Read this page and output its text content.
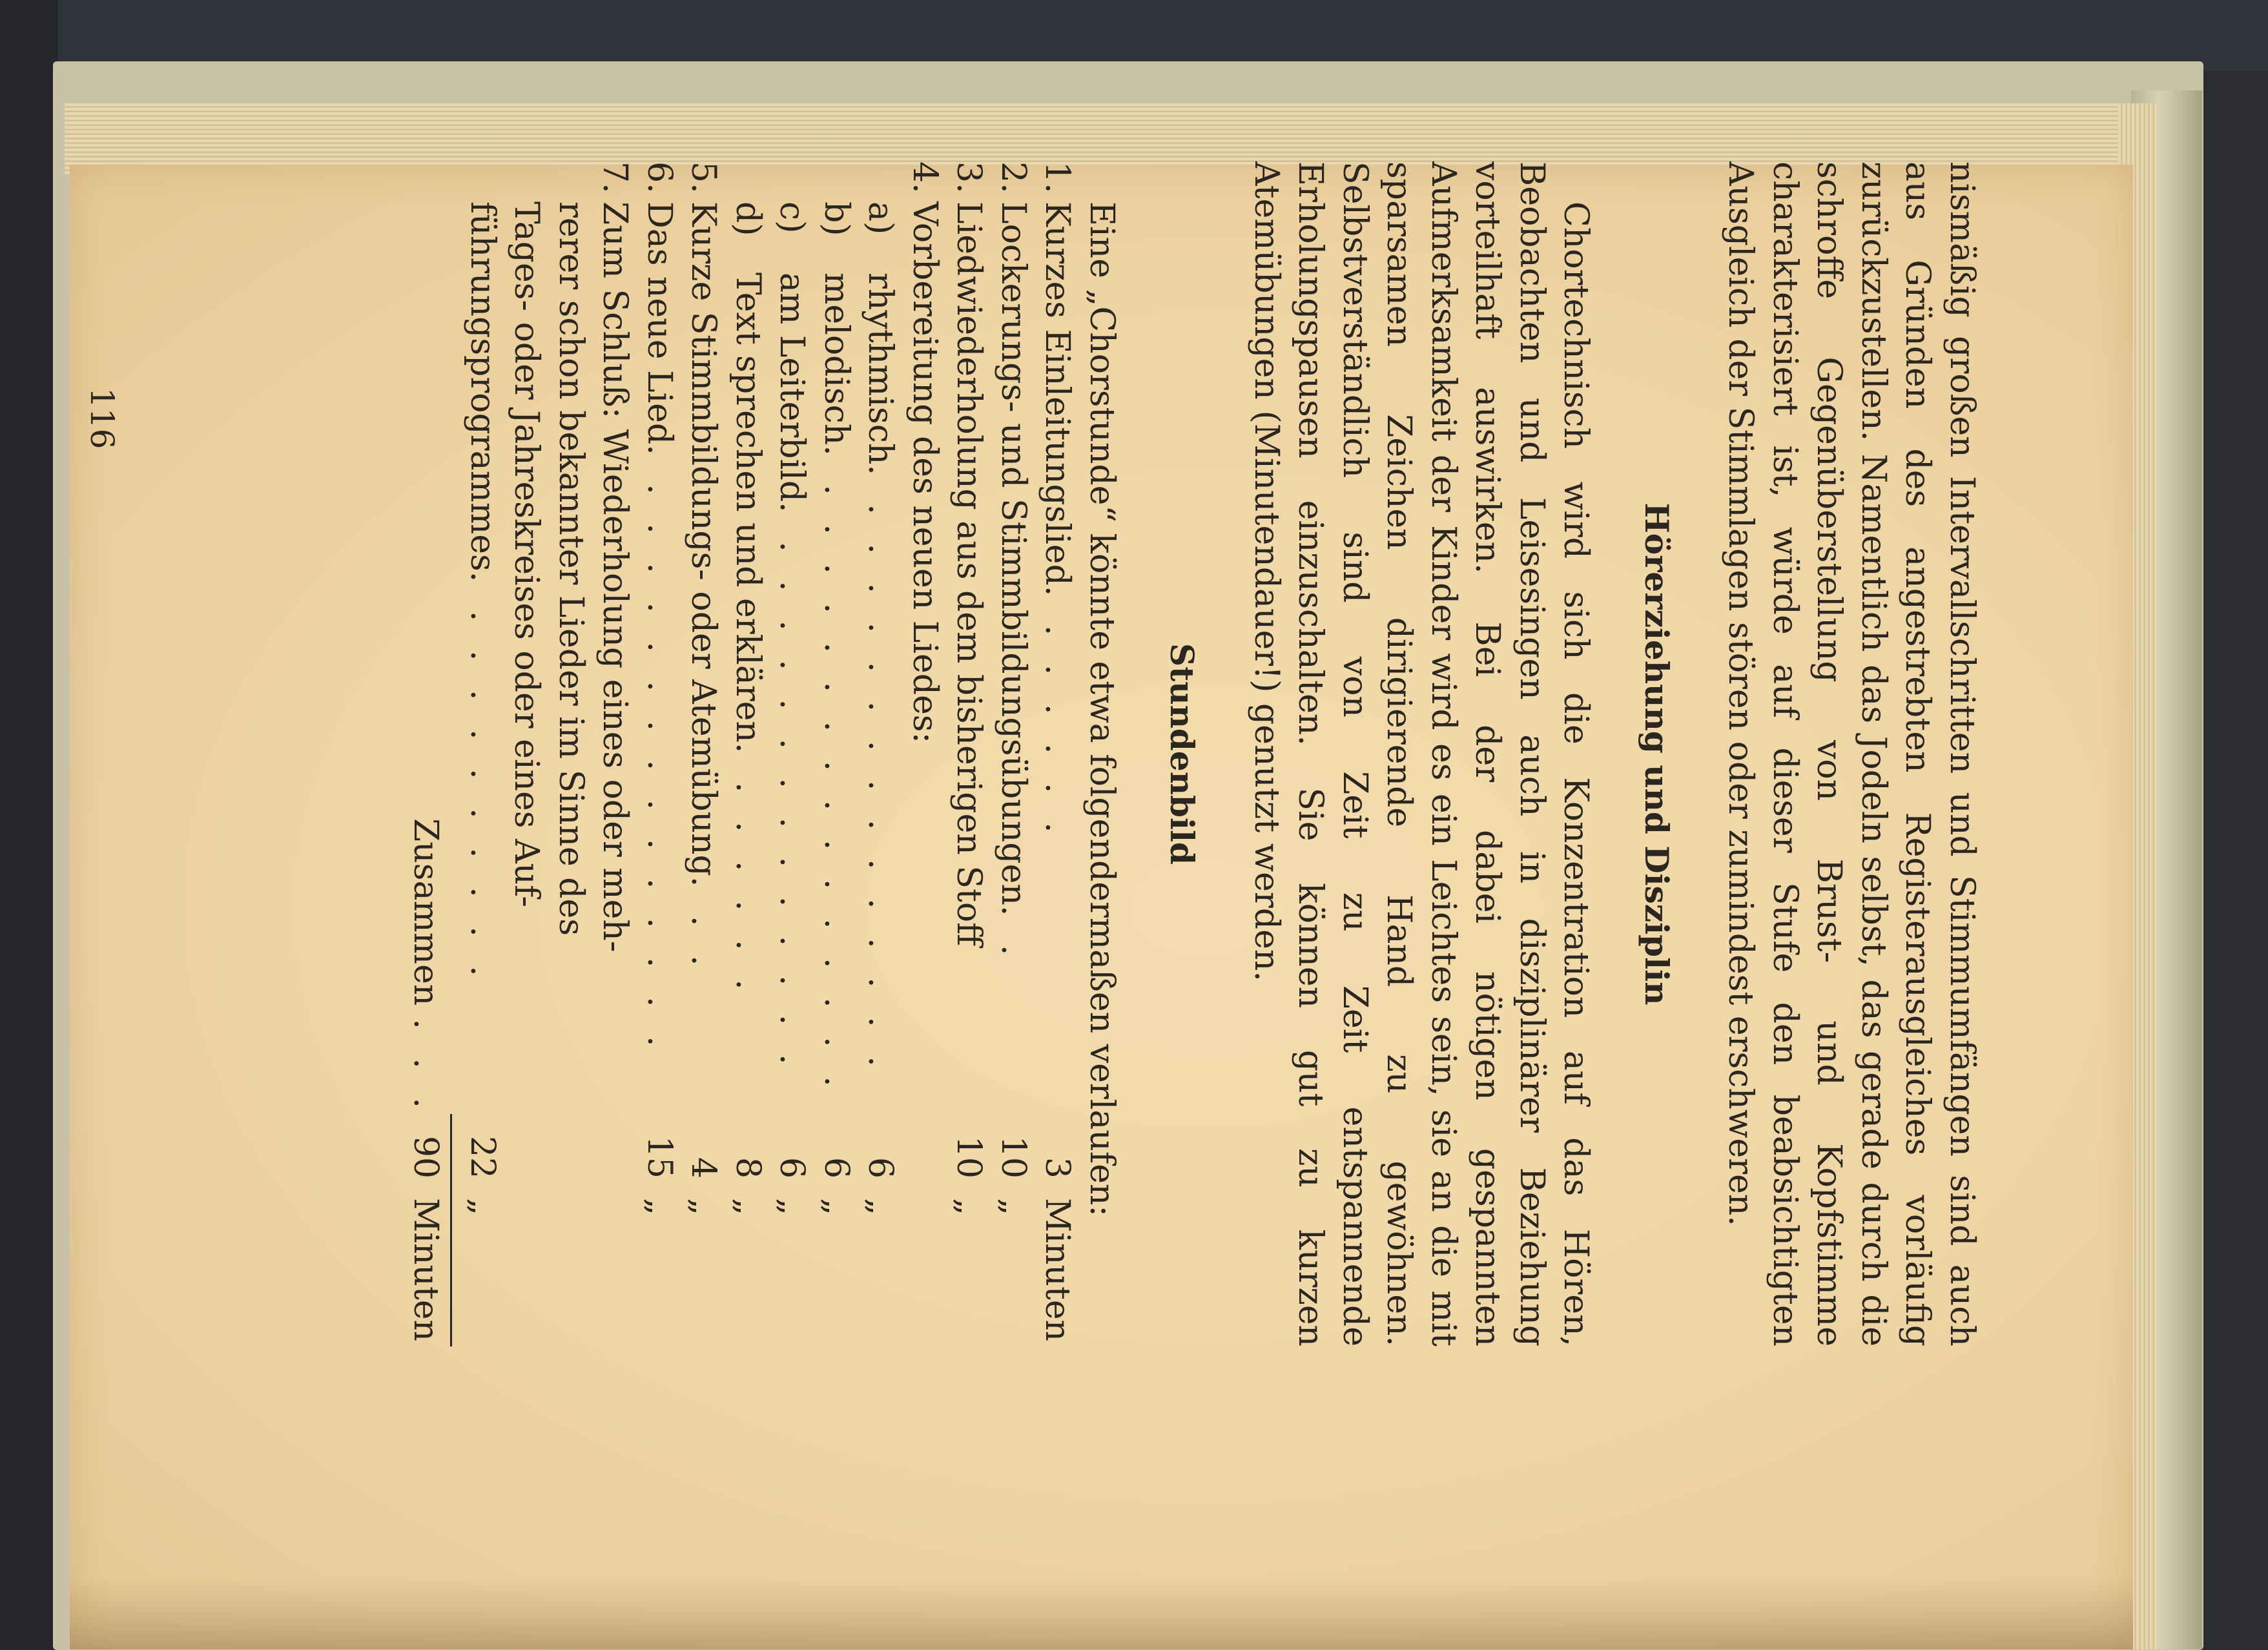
nismäßig großen Intervallschritten und Stimmumfängen sind auch aus Gründen des angestrebten Registerausgleiches vorläufig zurückzustellen. Namentlich das Jodeln selbst, das gerade durch die schroffe Gegenüberstellung von Brust- und Kopfstimme charakterisiert ist, würde auf dieser Stufe den beabsichtigten Ausgleich der Stimmlagen stören oder zumindest erschweren.

Hörerziehung und Disziplin

Chortechnisch wird sich die Konzentration auf das Hören, Beobachten und Leisesingen auch in disziplinärer Beziehung vorteilhaft auswirken. Bei der dabei nötigen gespannten Aufmerksamkeit der Kinder wird es ein Leichtes sein, sie an die mit sparsamen Zeichen dirigierende Hand zu gewöhnen. Selbstverständlich sind von Zeit zu Zeit entspannende Erholungspausen einzuschalten. Sie können gut zu kurzen Atemübungen (Minutendauer!) genutzt werden.

Stundenbild

Eine „Chorstunde“ könnte etwa folgendermaßen verlaufen:

1.
Kurzes Einleitungslied
. . . . . . .
3
Minuten
2.
Lockerungs- und Stimmbildungsübungen
. .
10
„
3.
Liedwiederholung aus dem bisherigen Stoff
10
„
4.
Vorbereitung des neuen Liedes:
a)
rhythmisch
. . . . . . . . . . . . . . . .
6
„
b)
melodisch
. . . . . . . . . . . . . . . . .
6
„
c)
am Leiterbild
. . . . . . . . . . . . . . .
6
„
d)
Text sprechen und erklären
. . . . . . .
8
„
5.
Kurze Stimmbildungs- oder Atemübung
. . .
4
„
6.
Das neue Lied
. . . . . . . . . . . . . . . .
15
„
7.
Zum Schluß: Wiederholung eines oder meh-
rerer schon bekannter Lieder im Sinne des
Tages- oder Jahreskreises oder eines Auf-
führungsprogrammes
. . . . . . . . . . .
22
„
Zusammen
. . .
90
Minuten
116
